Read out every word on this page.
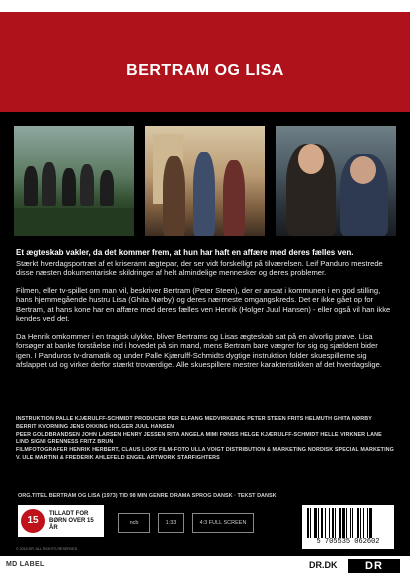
BERTRAM OG LISA

Et ægteskab vakler, da det kommer frem, at hun har haft en affære med deres fælles ven.

Stærkt hverdagsportræt af et kriseramt ægtepar, der ser vidt forskelligt på tilværelsen. Leif Panduro mestrede disse næsten dokumentariske skildringer af helt almindelige mennesker og deres problemer.

Filmen, eller tv-spillet om man vil, beskriver Bertram (Peter Steen), der er ansat i kommunen i en god stilling, hans hjemmegående hustru Lisa (Ghita Nørby) og deres nærmeste omgangskreds. Det er ikke gået op for Bertram, at hans kone har en affære med deres fælles ven Henrik (Holger Juul Hansen) - eller også vil han ikke kendes ved det.

Da Henrik omkommer i en tragisk ulykke, bliver Bertrams og Lisas ægteskab sat på en alvorlig prøve. Lisa forsøger at banke forståelse ind i hovedet på sin mand, mens Bertram bare vægrer for sig og sjældent bider igen. I Panduros tv-dramatik og under Palle Kjærulff-Schmidts dygtige instruktion folder skuespillerne sig afslappet ud og virker derfor stærkt troværdige. Alle skuespillere mestrer karakteristikken af det hverdagslige.

INSTRUKTION PALLE KJÆRULFF-SCHMIDT PRODUCER PER ELFANG MEDVIRKENDE PETER STEEN FRITS HELMUTH GHITA NØRBY BERRIT KVORNING JENS OKKING HOLGER JUUL HANSEN
PEER GOLDBRANDSEN JOHN LARSEN HENRY JESSEN RITA ANGELA MIMI FØNSS HELGE KJÆRULFF-SCHMIDT HELLE VIRKNER LANE LIND SIGNI GRENNESS FRITZ BRUN
FILMFOTOGRAFER HENRIK HERBERT, CLAUS LOOF FILM-FOTO ULLA VOIGT DISTRIBUTION & MARKETING NORDISK SPECIAL MARKETING V. ULE MARTINI & FREDERIK AHLEFELD ENGEL ARTWORK STARFIGHTERS
ORG.TITEL BERTRAM OG LISA (1973) TID 98 MIN GENRE DRAMA SPROG DANSK · TEKST DANSK
15
TILLADT FOR BØRN OVER 15 ÅR
ncb	1:33	4:3 FULL SCREEN
5 705535 062602
© 2018 DR. ALL RIGHTS RESERVED
MD LABEL	DR.DK	DR
